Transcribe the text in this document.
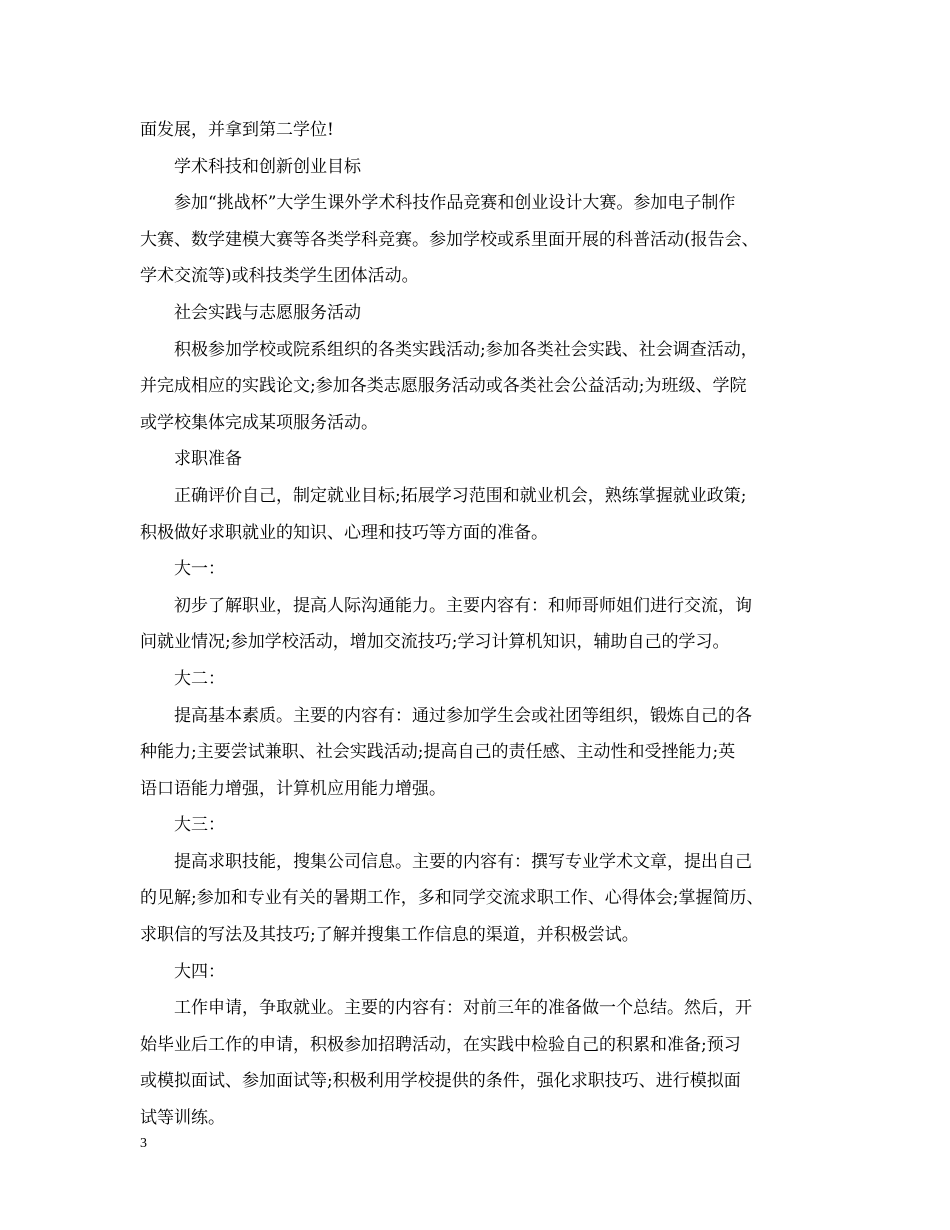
面发展，并拿到第二学位!
学术科技和创新创业目标
参加“挑战杯”大学生课外学术科技作品竞赛和创业设计大赛。参加电子制作
大赛、数学建模大赛等各类学科竞赛。参加学校或系里面开展的科普活动(报告会、
学术交流等)或科技类学生团体活动。
社会实践与志愿服务活动
积极参加学校或院系组织的各类实践活动;参加各类社会实践、社会调查活动，
并完成相应的实践论文;参加各类志愿服务活动或各类社会公益活动;为班级、学院
或学校集体完成某项服务活动。
求职准备
正确评价自己，制定就业目标;拓展学习范围和就业机会，熟练掌握就业政策;
积极做好求职就业的知识、心理和技巧等方面的准备。
大一：
初步了解职业，提高人际沟通能力。主要内容有：和师哥师姐们进行交流，询
问就业情况;参加学校活动，增加交流技巧;学习计算机知识，辅助自己的学习。
大二：
提高基本素质。主要的内容有：通过参加学生会或社团等组织，锻炼自己的各
种能力;主要尝试兼职、社会实践活动;提高自己的责任感、主动性和受挫能力;英
语口语能力增强，计算机应用能力增强。
大三：
提高求职技能，搜集公司信息。主要的内容有：撰写专业学术文章，提出自己
的见解;参加和专业有关的暑期工作，多和同学交流求职工作、心得体会;掌握简历、
求职信的写法及其技巧;了解并搜集工作信息的渠道，并积极尝试。
大四：
工作申请，争取就业。主要的内容有：对前三年的准备做一个总结。然后，开
始毕业后工作的申请，积极参加招聘活动，在实践中检验自己的积累和准备;预习
或模拟面试、参加面试等;积极利用学校提供的条件，强化求职技巧、进行模拟面
试等训练。
3
